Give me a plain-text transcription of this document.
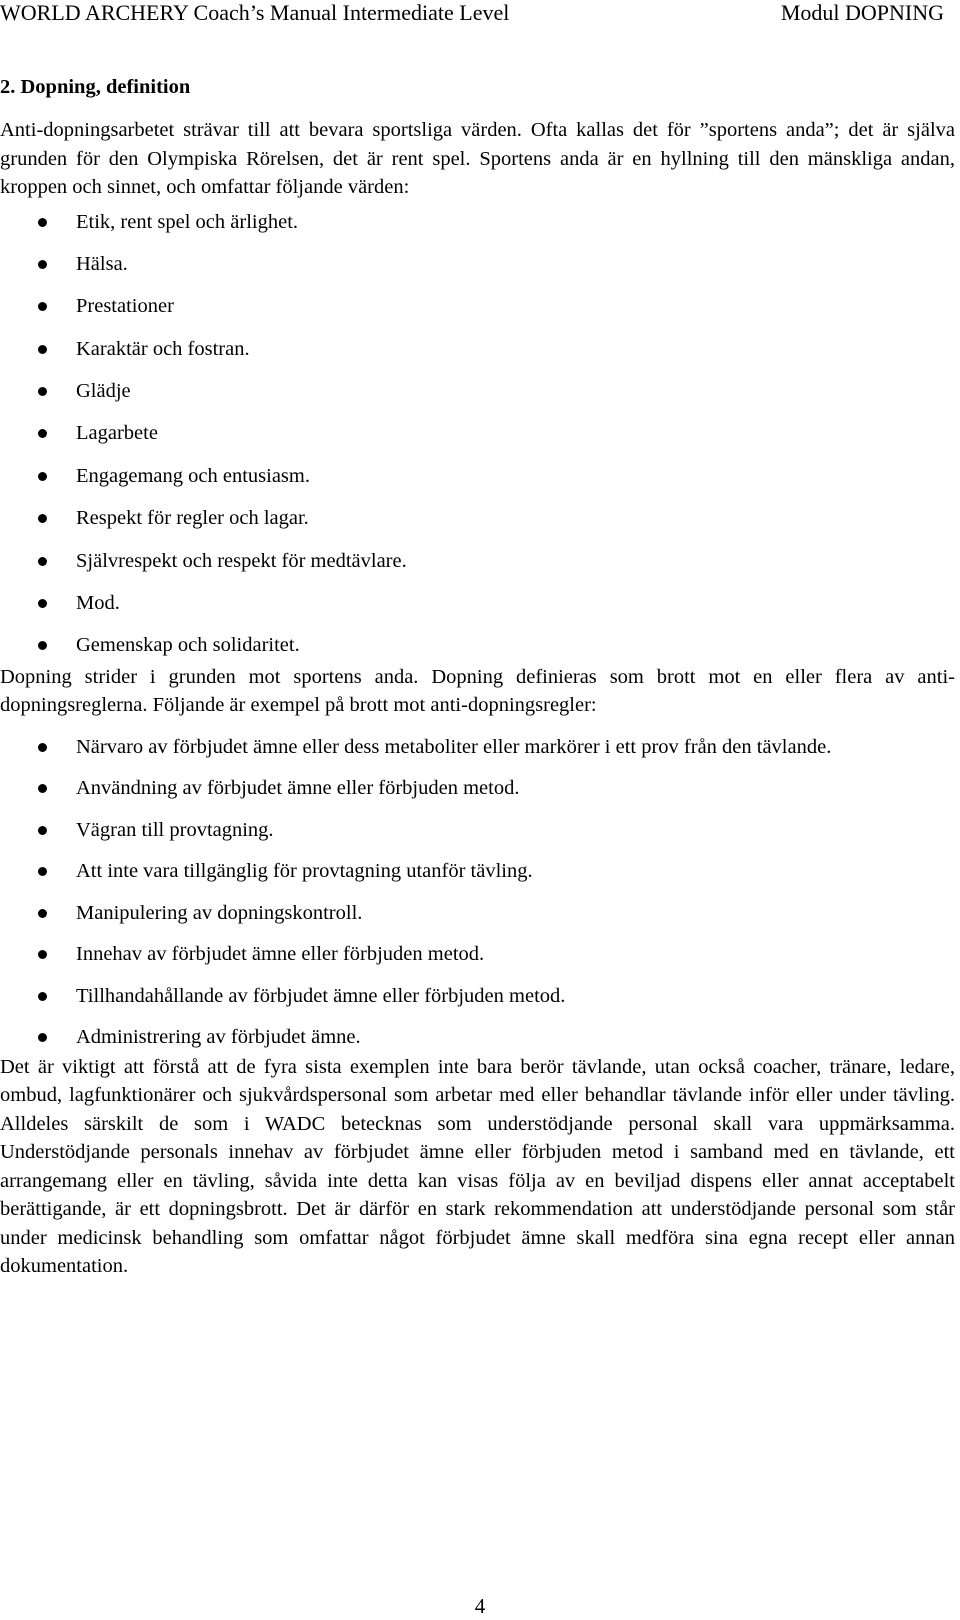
WORLD ARCHERY Coach’s Manual Intermediate Level	Modul DOPNING

2. Dopning, definition

Anti-dopningsarbetet strävar till att bevara sportsliga värden. Ofta kallas det för ”sportens anda”; det är själva grunden för den Olympiska Rörelsen, det är rent spel. Sportens anda är en hyllning till den mänskliga andan, kroppen och sinnet, och omfattar följande värden:

Etik, rent spel och ärlighet.
Hälsa.
Prestationer
Karaktär och fostran.
Glädje
Lagarbete
Engagemang och entusiasm.
Respekt för regler och lagar.
Självrespekt och respekt för medtävlare.
Mod.
Gemenskap och solidaritet.

Dopning strider i grunden mot sportens anda. Dopning definieras som brott mot en eller flera av anti-dopningsreglerna. Följande är exempel på brott mot anti-dopningsregler:

Närvaro av förbjudet ämne eller dess metaboliter eller markörer i ett prov från den tävlande.
Användning av förbjudet ämne eller förbjuden metod.
Vägran till provtagning.
Att inte vara tillgänglig för provtagning utanför tävling.
Manipulering av dopningskontroll.
Innehav av förbjudet ämne eller förbjuden metod.
Tillhandahållande av förbjudet ämne eller förbjuden metod.
Administrering av förbjudet ämne.

Det är viktigt att förstå att de fyra sista exemplen inte bara berör tävlande, utan också coacher, tränare, ledare, ombud, lagfunktionärer och sjukvårdspersonal som arbetar med eller behandlar tävlande inför eller under tävling. Alldeles särskilt de som i WADC betecknas som understödjande personal skall vara uppmärksamma. Understödjande personals innehav av förbjudet ämne eller förbjuden metod i samband med en tävlande, ett arrangemang eller en tävling, såvida inte detta kan visas följa av en beviljad dispens eller annat acceptabelt berättigande, är ett dopningsbrott. Det är därför en stark rekommendation att understödjande personal som står under medicinsk behandling som omfattar något förbjudet ämne skall medföra sina egna recept eller annan dokumentation.

4
